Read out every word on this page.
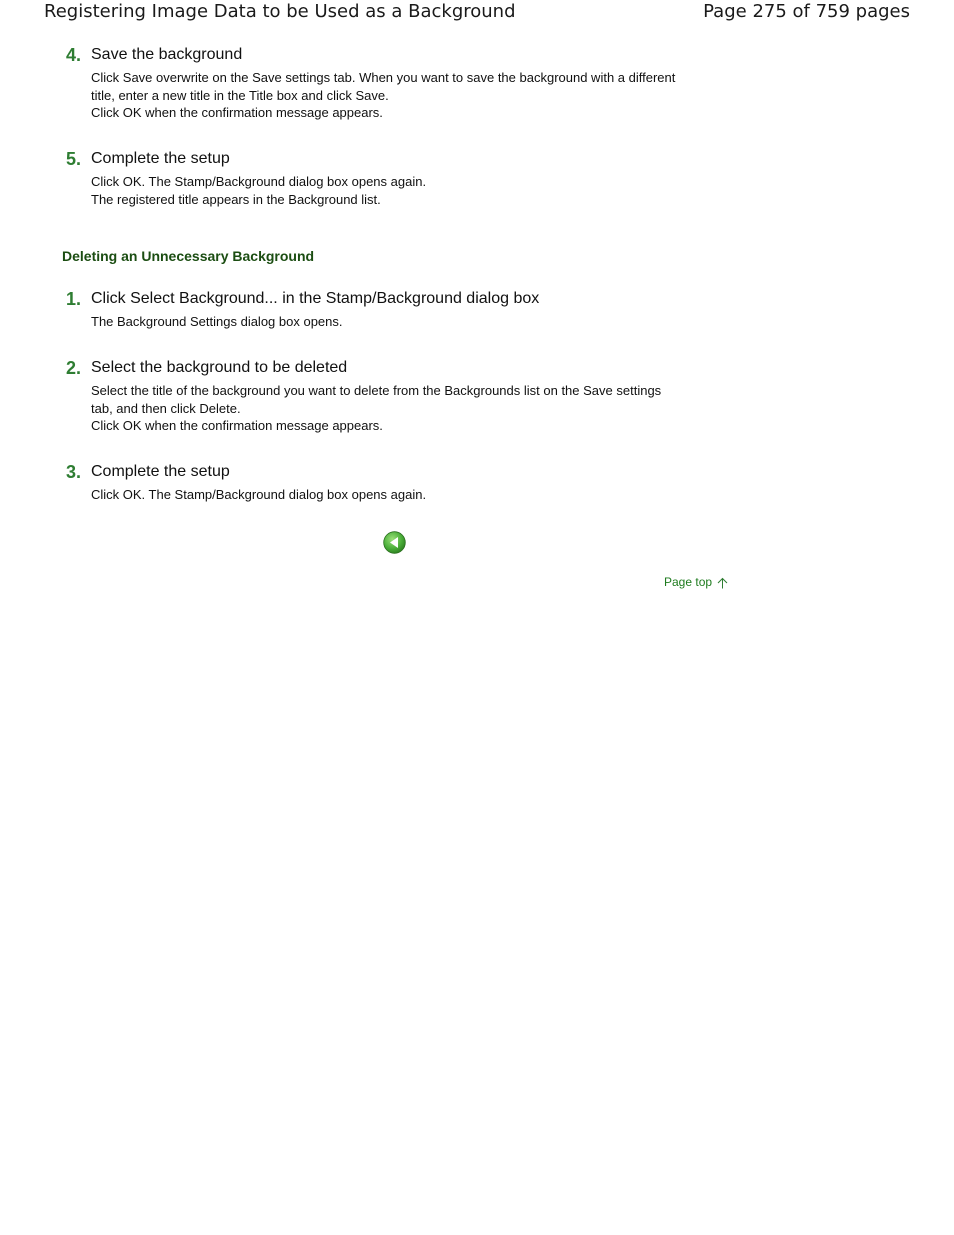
Registering Image Data to be Used as a Background	Page 275 of 759 pages
4. Save the background

Click Save overwrite on the Save settings tab. When you want to save the background with a different

title, enter a new title in the Title box and click Save.

Click OK when the confirmation message appears.

5. Complete the setup

Click OK. The Stamp/Background dialog box opens again.

The registered title appears in the Background list.

Deleting an Unnecessary Background
1. Click Select Background... in the Stamp/Background dialog box

The Background Settings dialog box opens.

2. Select the background to be deleted

Select the title of the background you want to delete from the Backgrounds list on the Save settings

tab, and then click Delete.

Click OK when the confirmation message appears.

3. Complete the setup

Click OK. The Stamp/Background dialog box opens again.

Page top
